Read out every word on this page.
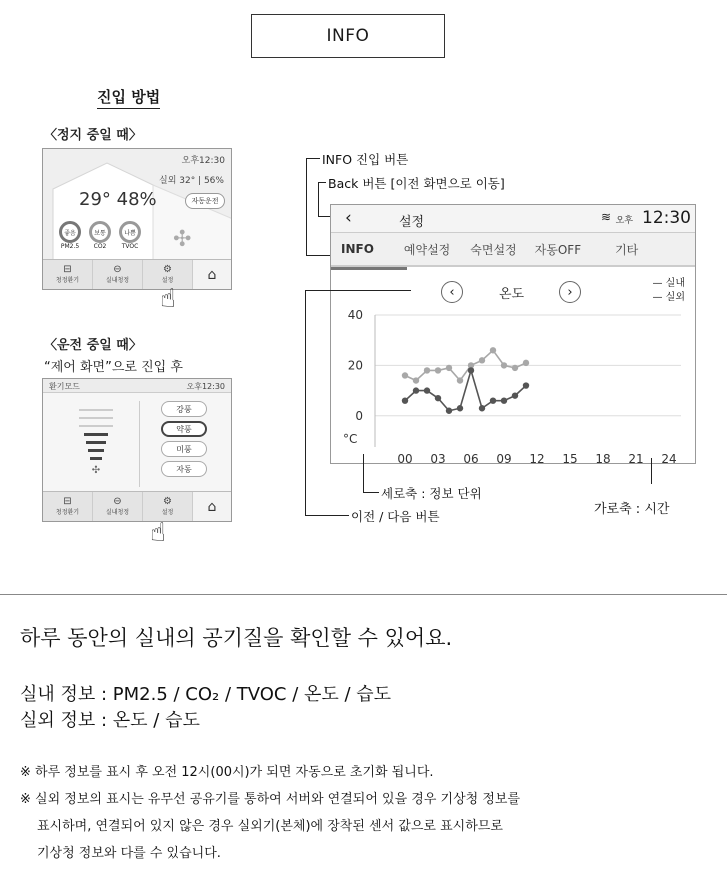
INFO
진입 방법
〈정지 중일 때〉
오후12:30
실외 32° | 56%
29° 48%	자동운전
좋음
PM2.5
보통
CO2
나쁨
TVOC ✣
⊟
청정환기
⊖
실내청정
⚙
설정 ⌂
☝
〈운전 중일 때〉
“제어 화면”으로 진입 후
환기모드	오후12:30
✣
강풍
약풍
미풍
자동
⊟
청정환기
⊖
실내청정
⚙
설정 ⌂
☝
INFO 진입 버튼
Back 버튼 [이전 화면으로 이동]
‹	설정	≋ 오후 12:30
INFO	예약설정	숙면설정	자동OFF	기타
‹	온도	›
— 실내
— 실외
40
20
0
°C
00 03 06 09 12 15 18 21 24
이전 / 다음 버튼
세로축 : 정보 단위
가로축 : 시간
하루 동안의 실내의 공기질을 확인할 수 있어요.
실내 정보 : PM2.5 / CO₂ / TVOC / 온도 / 습도
실외 정보 : 온도 / 습도
※ 하루 정보를 표시 후 오전 12시(00시)가 되면 자동으로 초기화 됩니다.
※ 실외 정보의 표시는 유무선 공유기를 통하여 서버와 연결되어 있을 경우 기상청 정보를
표시하며, 연결되어 있지 않은 경우 실외기(본체)에 장착된 센서 값으로 표시하므로
기상청 정보와 다를 수 있습니다.
